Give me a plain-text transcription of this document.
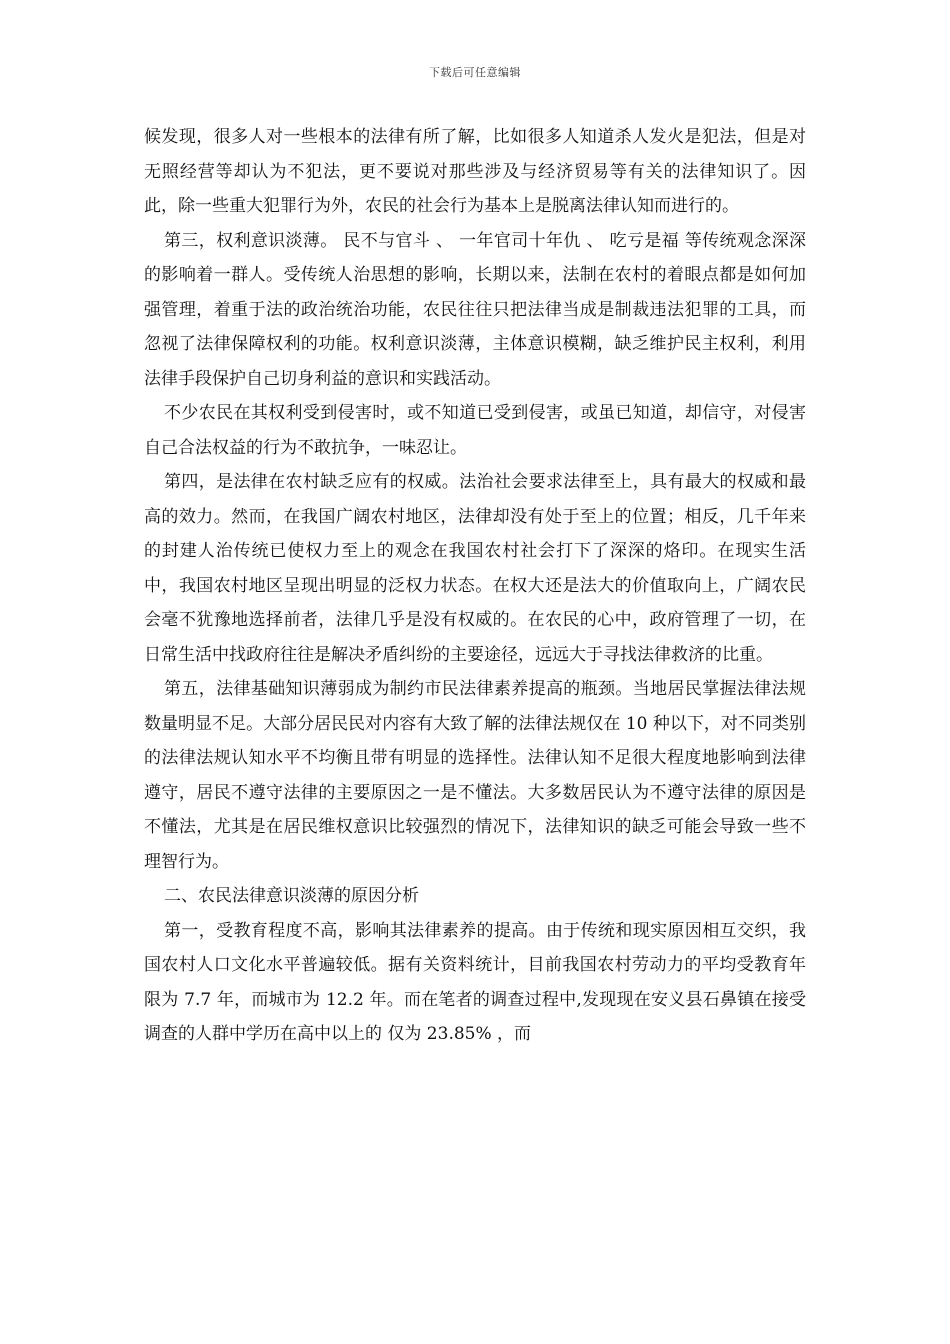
下载后可任意编辑

候发现，很多人对一些根本的法律有所了解，比如很多人知道杀人发火是犯法，但是对无照经营等却认为不犯法，更不要说对那些涉及与经济贸易等有关的法律知识了。因此，除一些重大犯罪行为外，农民的社会行为基本上是脱离法律认知而进行的。

第三，权利意识淡薄。 民不与官斗 、 一年官司十年仇 、 吃亏是福 等传统观念深深的影响着一群人。受传统人治思想的影响，长期以来，法制在农村的着眼点都是如何加强管理，着重于法的政治统治功能，农民往往只把法律当成是制裁违法犯罪的工具，而忽视了法律保障权利的功能。权利意识淡薄，主体意识模糊，缺乏维护民主权利，利用法律手段保护自己切身利益的意识和实践活动。

不少农民在其权利受到侵害时，或不知道已受到侵害，或虽已知道，却信守，对侵害自己合法权益的行为不敢抗争，一味忍让。

第四，是法律在农村缺乏应有的权威。法治社会要求法律至上，具有最大的权威和最高的效力。然而，在我国广阔农村地区，法律却没有处于至上的位置；相反，几千年来的封建人治传统已使权力至上的观念在我国农村社会打下了深深的烙印。在现实生活中，我国农村地区呈现出明显的泛权力状态。在权大还是法大的价值取向上，广阔农民会毫不犹豫地选择前者，法律几乎是没有权威的。在农民的心中，政府管理了一切，在日常生活中找政府往往是解决矛盾纠纷的主要途径，远远大于寻找法律救济的比重。

第五，法律基础知识薄弱成为制约市民法律素养提高的瓶颈。当地居民掌握法律法规数量明显不足。大部分居民民对内容有大致了解的法律法规仅在 10 种以下，对不同类别的法律法规认知水平不均衡且带有明显的选择性。法律认知不足很大程度地影响到法律遵守，居民不遵守法律的主要原因之一是不懂法。大多数居民认为不遵守法律的原因是不懂法，尤其是在居民维权意识比较强烈的情况下，法律知识的缺乏可能会导致一些不理智行为。

二、农民法律意识淡薄的原因分析

第一，受教育程度不高，影响其法律素养的提高。由于传统和现实原因相互交织，我国农村人口文化水平普遍较低。据有关资料统计，目前我国农村劳动力的平均受教育年限为 7.7 年，而城市为 12.2 年。而在笔者的调查过程中,发现现在安义县石鼻镇在接受调查的人群中学历在高中以上的 仅为 23.85% ，而
